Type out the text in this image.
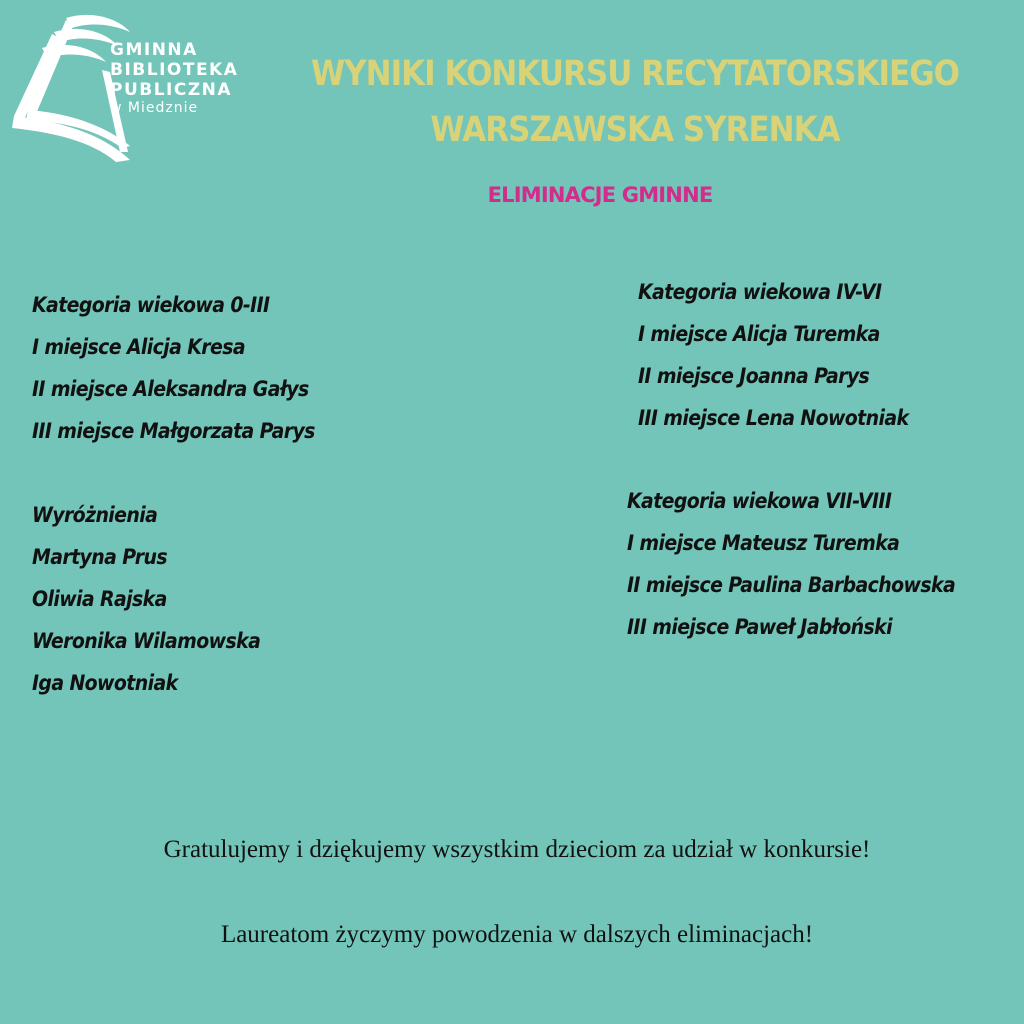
GMINNA
BIBLIOTEKA
PUBLICZNA
w Miedznie
WYNIKI KONKURSU RECYTATORSKIEGO
WARSZAWSKA SYRENKA
ELIMINACJE GMINNE
Kategoria wiekowa 0-III
I miejsce Alicja Kresa
II miejsce Aleksandra Gałys
III miejsce Małgorzata Parys
Wyróżnienia
Martyna Prus
Oliwia Rajska
Weronika Wilamowska
Iga Nowotniak
Kategoria wiekowa IV-VI
I miejsce Alicja Turemka
II miejsce Joanna Parys
III miejsce Lena Nowotniak
Kategoria wiekowa VII-VIII
I miejsce Mateusz Turemka
II miejsce Paulina Barbachowska
III miejsce Paweł Jabłoński
Gratulujemy i dziękujemy wszystkim dzieciom za udział w konkursie!
Laureatom życzymy powodzenia w dalszych eliminacjach!
